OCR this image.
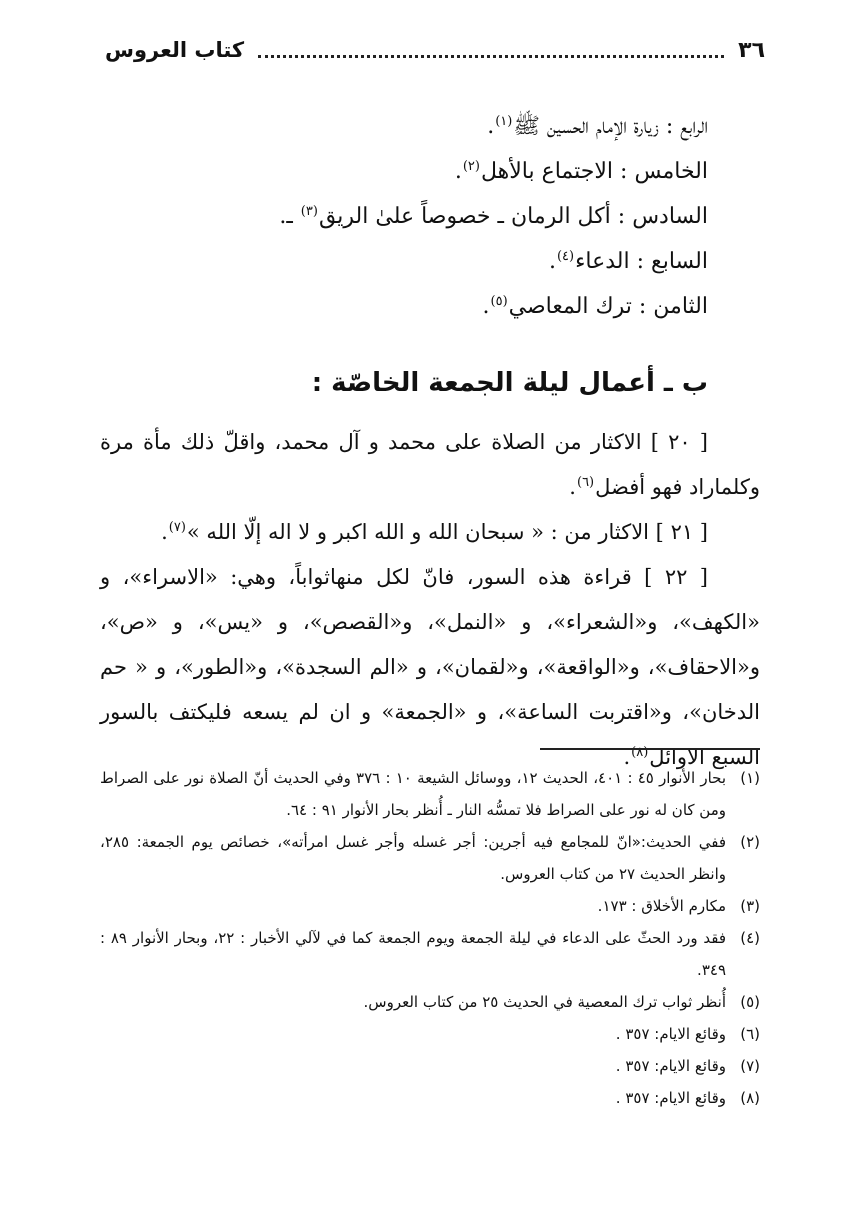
٣٦
كتاب العروس
الرابع : زيارة الإمام الحسين ﷺ$^{(١)}$.
الخامس : الاجتماع بالأهل$^{(٢)}$.
السادس : أكل الرمان ـ خصوصاً علىٰ الريق$^{(٣)}$ ـ.
السابع : الدعاء$^{(٤)}$.
الثامن : ترك المعاصي$^{(٥)}$.
ب ـ أعمال ليلة الجمعة الخاصّة :

[ ٢٠ ] الاكثار من الصلاة على محمد و آل محمد، واقلّ ذلك مأة مرة وكلماراد فهو أفضل$^{(٦)}$.

[ ٢١ ] الاكثار من : « سبحان الله و الله اكبر و لا اله إلّا الله »$^{(٧)}$.

[ ٢٢ ] قراءة هذه السور، فانّ لكل منهاثواباً، وهي: «الاسراء»، و «الكهف»، و«الشعراء»، و «النمل»، و«القصص»، و «يس»، و «ص»، و«الاحقاف»، و«الواقعة»، و«لقمان»، و «الم السجدة»، و«الطور»، و « حم الدخان»، و«اقتربت الساعة»، و «الجمعة» و ان لم يسعه فليكتف بالسور السبع الاوائل$^{(٨)}$.

(١)
بحار الأنوار ٤٥ : ٤٠١، الحديث ١٢، ووسائل الشيعة ١٠ : ٣٧٦ وفي الحديث أنّ الصلاة نور على الصراط ومن كان له نور على الصراط فلا تمسُّه النار ـ أُنظر بحار الأنوار ٩١ : ٦٤.
(٢)
ففي الحديث:«انّ للمجامع فيه أجرين: أجر غسله وأجر غسل امرأته»، خصائص يوم الجمعة: ٢٨٥، وانظر الحديث ٢٧ من كتاب العروس.
(٣)
مكارم الأخلاق : ١٧٣.
(٤)
فقد ورد الحثّ على الدعاء في ليلة الجمعة ويوم الجمعة كما في لآلي الأخبار : ٢٢، وبحار الأنوار ٨٩ : ٣٤٩.
(٥)
أُنظر ثواب ترك المعصية في الحديث ٢٥ من كتاب العروس.
(٦)
وقائع الايام: ٣٥٧ .
(٧)
وقائع الايام: ٣٥٧ .
(٨)
وقائع الايام: ٣٥٧ .
